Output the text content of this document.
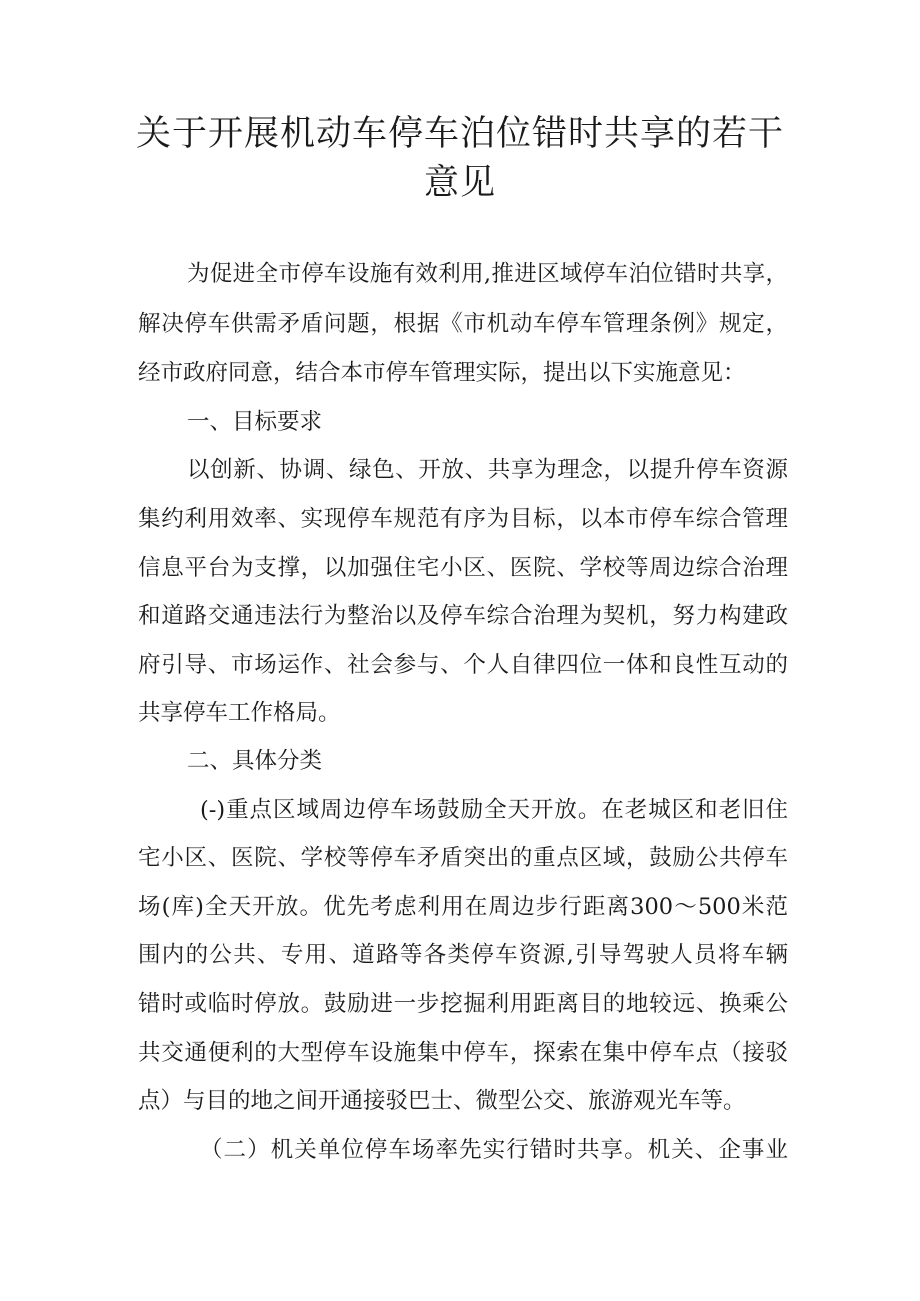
关于开展机动车停车泊位错时共享的若干
意见

为促进全市停车设施有效利用,推进区域停车泊位错时共享，

解决停车供需矛盾问题，根据《市机动车停车管理条例》规定，

经市政府同意，结合本市停车管理实际，提出以下实施意见：

一、目标要求

以创新、协调、绿色、开放、共享为理念，以提升停车资源

集约利用效率、实现停车规范有序为目标，以本市停车综合管理

信息平台为支撑，以加强住宅小区、医院、学校等周边综合治理

和道路交通违法行为整治以及停车综合治理为契机，努力构建政

府引导、市场运作、社会参与、个人自律四位一体和良性互动的

共享停车工作格局。

二、具体分类

(-)重点区域周边停车场鼓励全天开放。在老城区和老旧住

宅小区、医院、学校等停车矛盾突出的重点区域，鼓励公共停车

场(库)全天开放。优先考虑利用在周边步行距离300～500米范

围内的公共、专用、道路等各类停车资源,引导驾驶人员将车辆

错时或临时停放。鼓励进一步挖掘利用距离目的地较远、换乘公

共交通便利的大型停车设施集中停车，探索在集中停车点（接驳

点）与目的地之间开通接驳巴士、微型公交、旅游观光车等。

（二）机关单位停车场率先实行错时共享。机关、企事业
